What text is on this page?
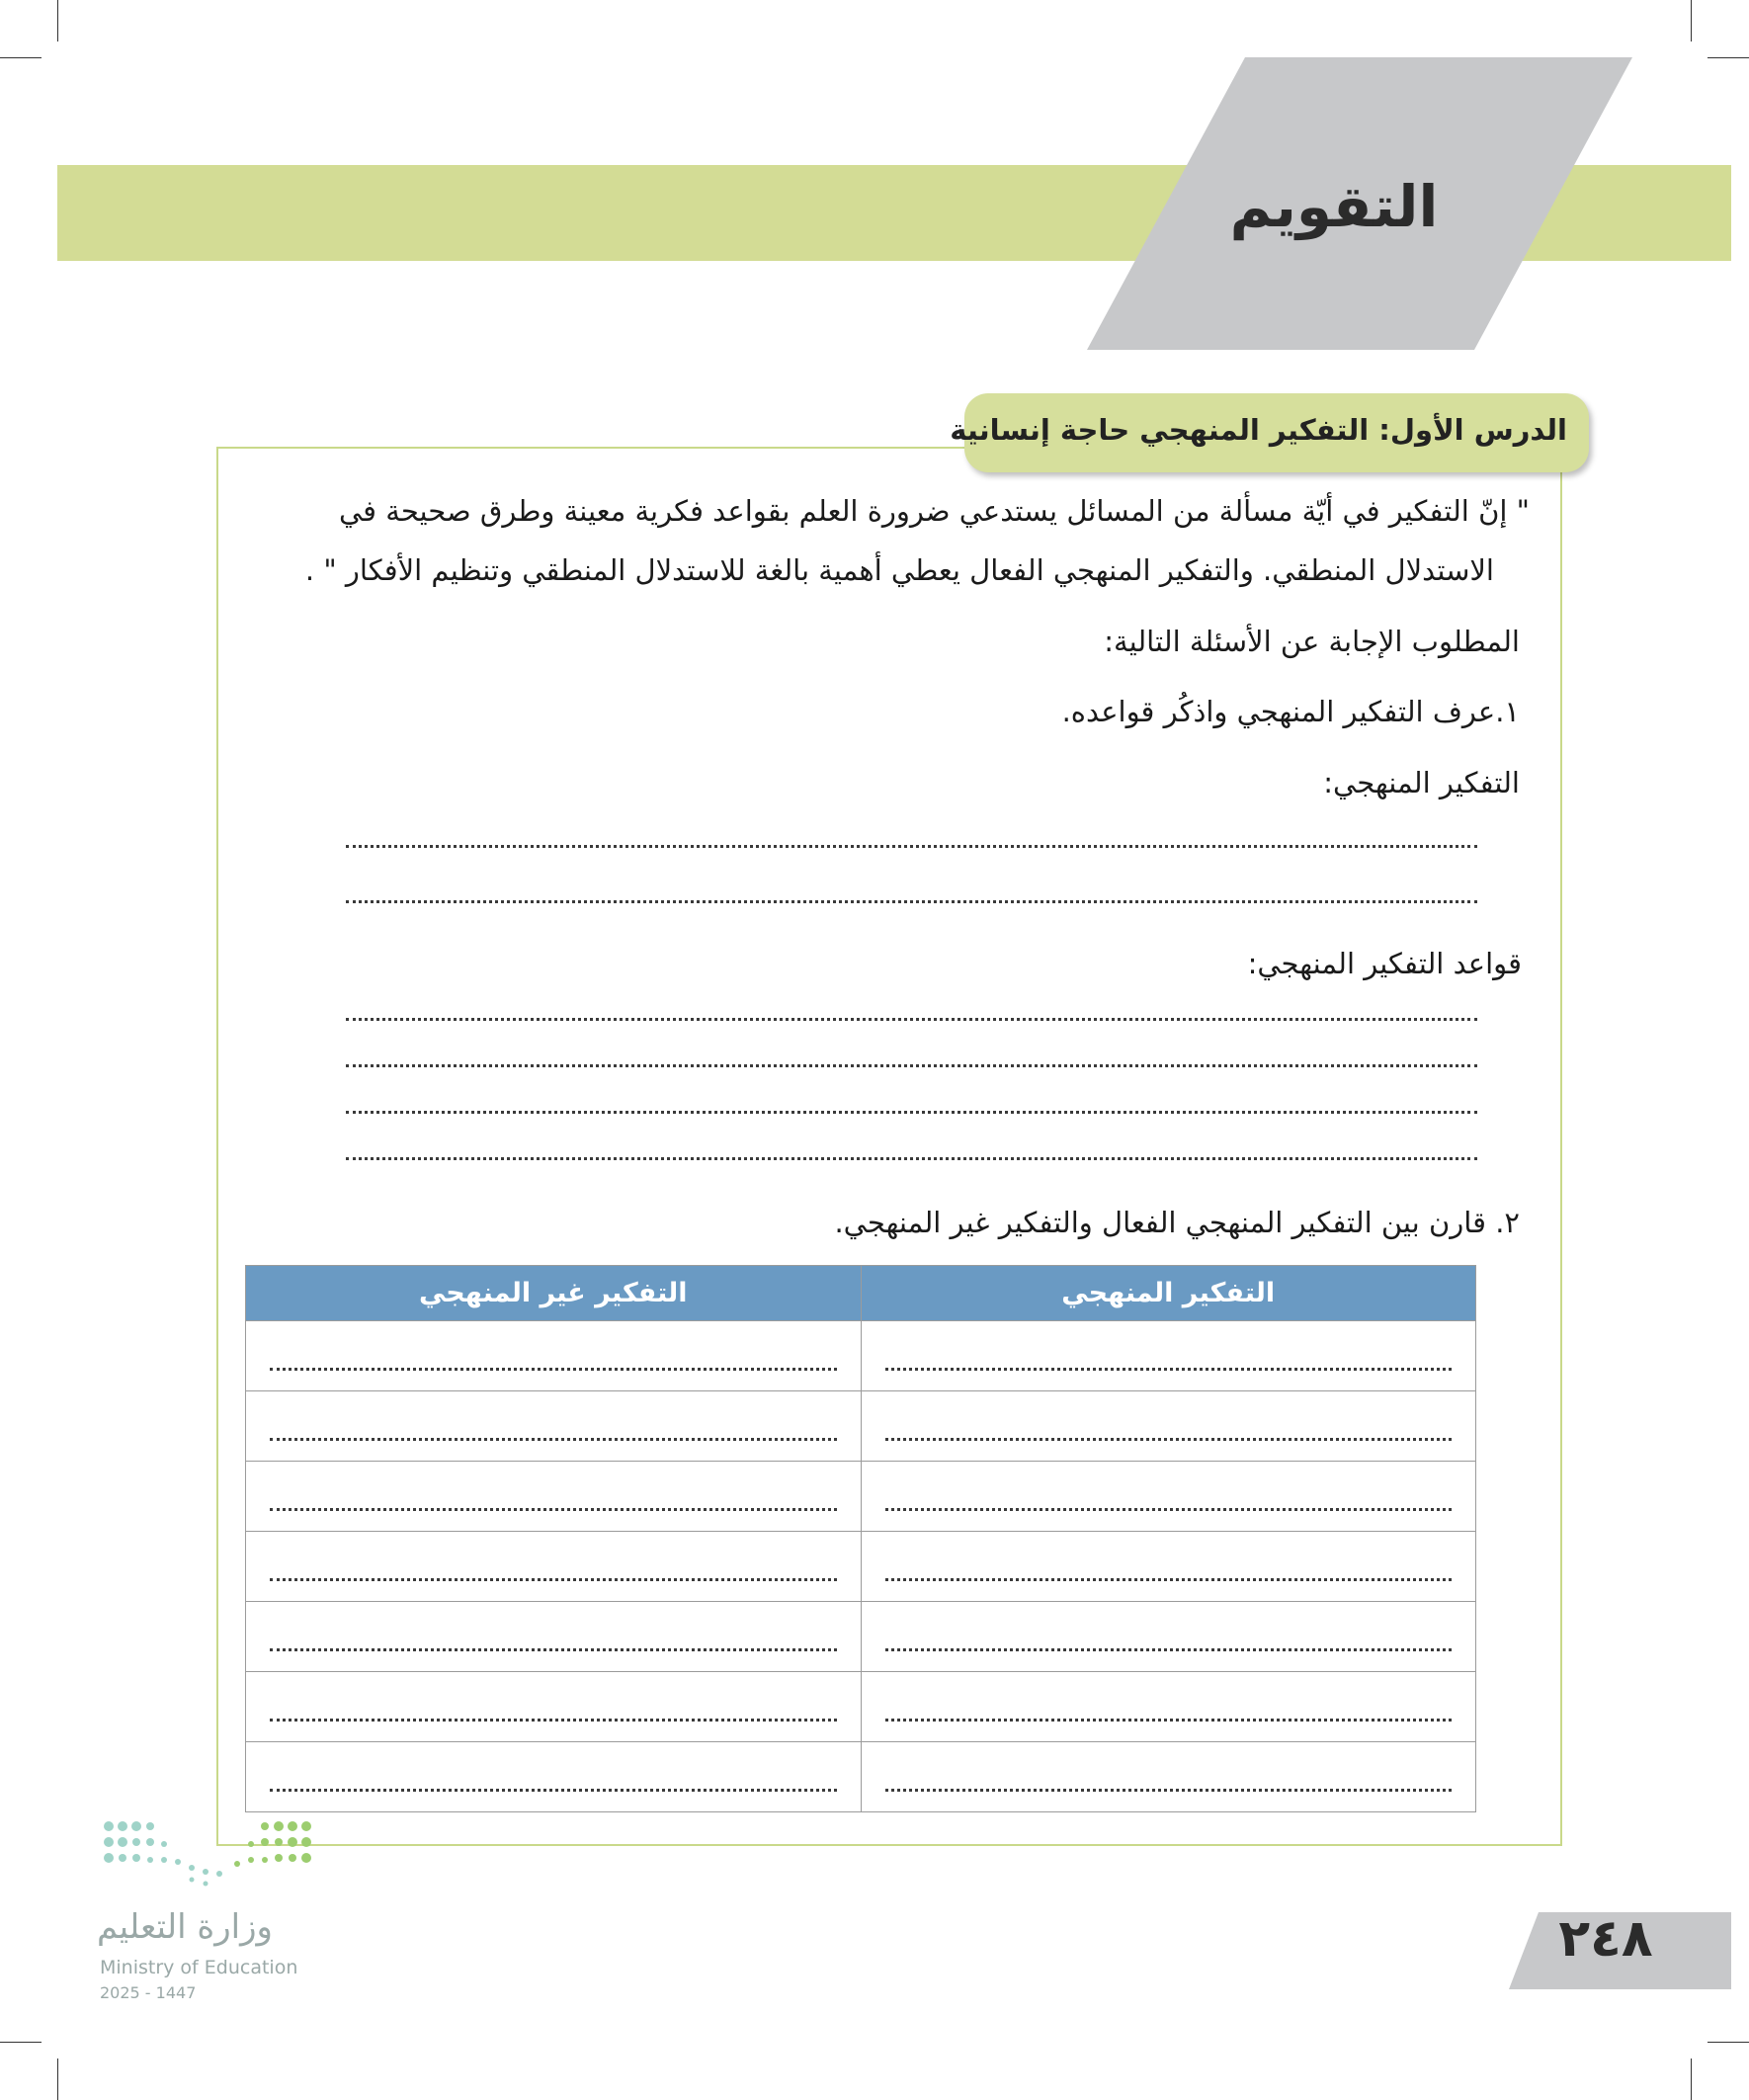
التقويم
الدرس الأول: التفكير المنهجي حاجة إنسانية
" إنّ التفكير في أيّة مسألة من المسائل يستدعي ضرورة العلم بقواعد فكرية معينة وطرق صحيحة في
الاستدلال المنطقي. والتفكير المنهجي الفعال يعطي أهمية بالغة للاستدلال المنطقي وتنظيم الأفكار " .
المطلوب الإجابة عن الأسئلة التالية:
١.عرف التفكير المنهجي واذكُر قواعده.
التفكير المنهجي:
قواعد التفكير المنهجي:
٢. قارن بين التفكير المنهجي الفعال والتفكير غير المنهجي.
التفكير المنهجي	التفكير غير المنهجي

وزارة التعليم
Ministry of Education
2025 - 1447
٢٤٨
